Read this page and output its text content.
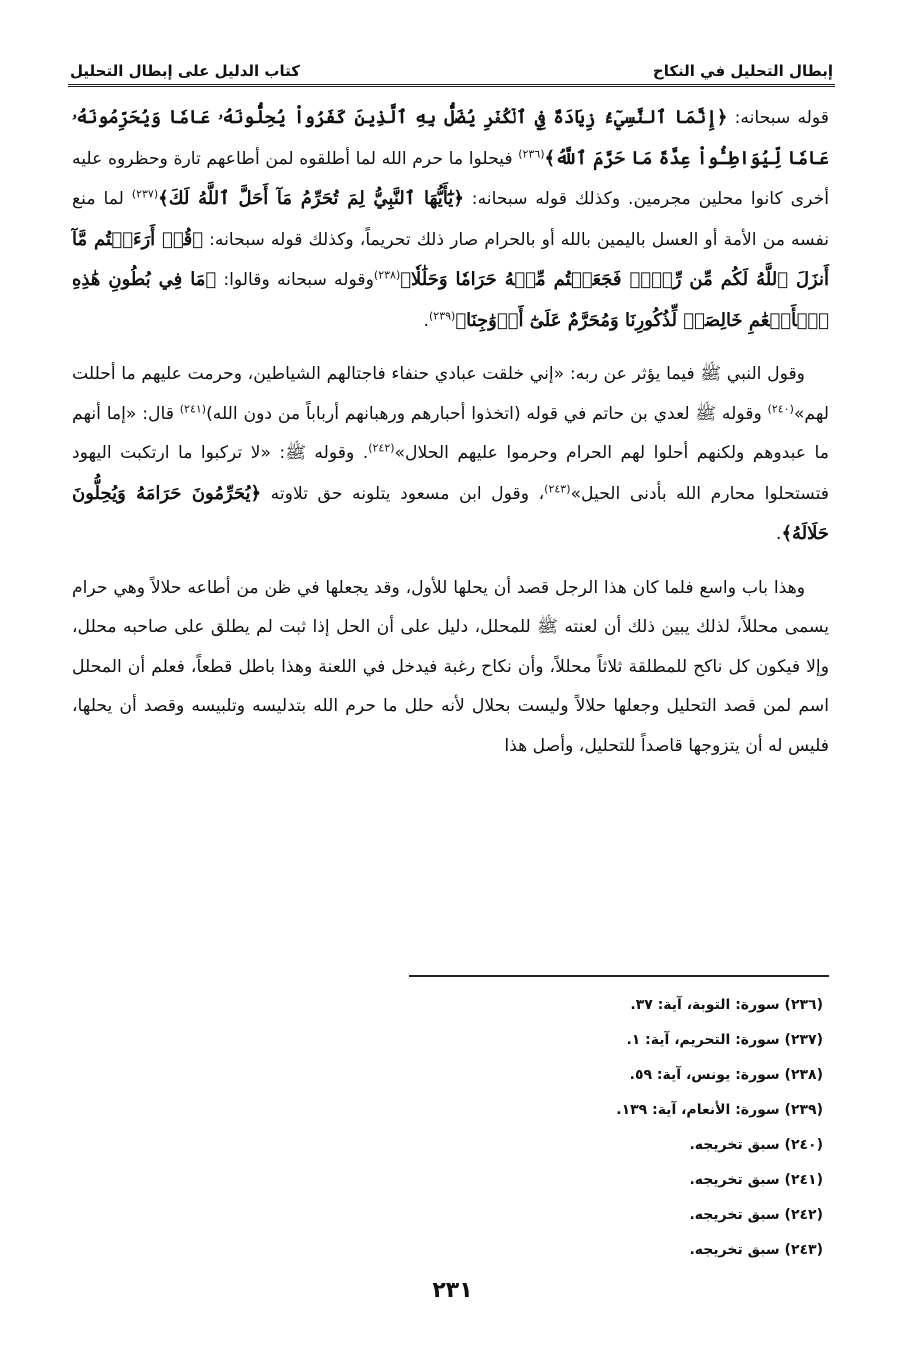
إبطال التحليل في النكاح
كتاب الدليل على إبطال التحليل

قوله سبحانه: ﴿إِنَّمَا ٱلنَّسِيٓءُ زِيَادَةٌ فِي ٱلۡكُفۡرِ يُضَلُّ بِهِ ٱلَّذِينَ كَفَرُواْ يُحِلُّونَهُۥ عَامٗا وَيُحَرِّمُونَهُۥ عَامٗا لِّيُوَاطِـُٔواْ عِدَّةَ مَا حَرَّمَ ٱللَّهُ﴾$^{(٢٣٦)}$ فيحلوا ما حرم الله لما أطلقوه لمن أطاعهم تارة وحظروه عليه أخرى كانوا محلين مجرمين. وكذلك قوله سبحانه: ﴿يَٰٓأَيُّهَا ٱلنَّبِيُّ لِمَ تُحَرِّمُ مَآ أَحَلَّ ٱللَّهُ لَكَ﴾$^{(٢٣٧)}$ لما منع نفسه من الأمة أو العسل باليمين بالله أو بالحرام صار ذلك تحريماً، وكذلك قوله سبحانه: ﴿قُلۡ أَرَءَيۡتُم مَّآ أَنزَلَ ٱللَّهُ لَكُم مِّن رِّزۡقٖ فَجَعَلۡتُم مِّنۡهُ حَرَامٗا وَحَلَٰلٗا﴾$^{(٢٣٨)}$وقوله سبحانه وقالوا: ﴿مَا فِي بُطُونِ هَٰذِهِ ٱلۡأَنۡعَٰمِ خَالِصَةٞ لِّذُكُورِنَا وَمُحَرَّمٌ عَلَىٰٓ أَزۡوَٰجِنَا﴾$^{(٢٣٩)}$.

وقول النبي ﷺ فيما يؤثر عن ربه: «إني خلقت عبادي حنفاء فاجتالهم الشياطين، وحرمت عليهم ما أحللت لهم»$^{(٢٤٠)}$ وقوله ﷺ لعدي بن حاتم في قوله (اتخذوا أحبارهم ورهبانهم أرباباً من دون الله)$^{(٢٤١)}$ قال: «إما أنهم ما عبدوهم ولكنهم أحلوا لهم الحرام وحرموا عليهم الحلال»$^{(٢٤٢)}$. وقوله ﷺ: «لا تركبوا ما ارتكبت اليهود فتستحلوا محارم الله بأدنى الحيل»$^{(٢٤٣)}$، وقول ابن مسعود يتلونه حق تلاوته ﴿يُحَرِّمُونَ حَرَامَهُ وَيُحِلُّونَ حَلَالَهُ﴾.

وهذا باب واسع فلما كان هذا الرجل قصد أن يحلها للأول، وقد يجعلها في ظن من أطاعه حلالاً وهي حرام يسمى محللاً، لذلك يبين ذلك أن لعنته ﷺ للمحلل، دليل على أن الحل إذا ثبت لم يطلق على صاحبه محلل، وإلا فيكون كل ناكح للمطلقة ثلاثاً محللاً، وأن نكاح رغبة فيدخل في اللعنة وهذا باطل قطعاً، فعلم أن المحلل اسم لمن قصد التحليل وجعلها حلالاً وليست بحلال لأنه حلل ما حرم الله بتدليسه وتلبيسه وقصد أن يحلها، فليس له أن يتزوجها قاصداً للتحليل، وأصل هذا

(٢٣٦) سورة: التوبة، آية: ٣٧.
(٢٣٧) سورة: التحريم، آية: ١.
(٢٣٨) سورة: يونس، آية: ٥٩.
(٢٣٩) سورة: الأنعام، آية: ١٣٩.
(٢٤٠) سبق تخريجه.
(٢٤١) سبق تخريجه.
(٢٤٢) سبق تخريجه.
(٢٤٣) سبق تخريجه.
٢٣١
